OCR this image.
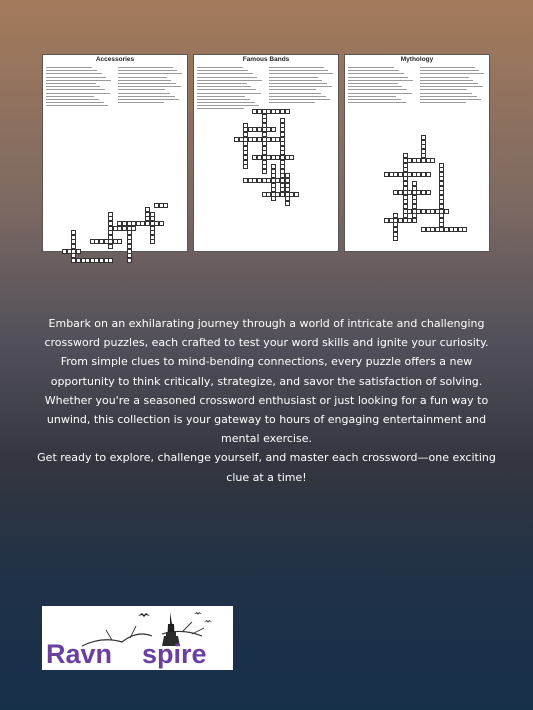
Accessories	Famous Bands	Mythology

Embark on an exhilarating journey through a world of intricate and challenging crossword puzzles, each crafted to test your word skills and ignite your curiosity. From simple clues to mind-bending connections, every puzzle offers a new opportunity to think critically, strategize, and savor the satisfaction of solving. Whether you're a seasoned crossword enthusiast or just looking for a fun way to unwind, this collection is your gateway to hours of engaging entertainment and mental exercise.

Get ready to explore, challenge yourself, and master each crossword—one exciting clue at a time!

Ravn spire
